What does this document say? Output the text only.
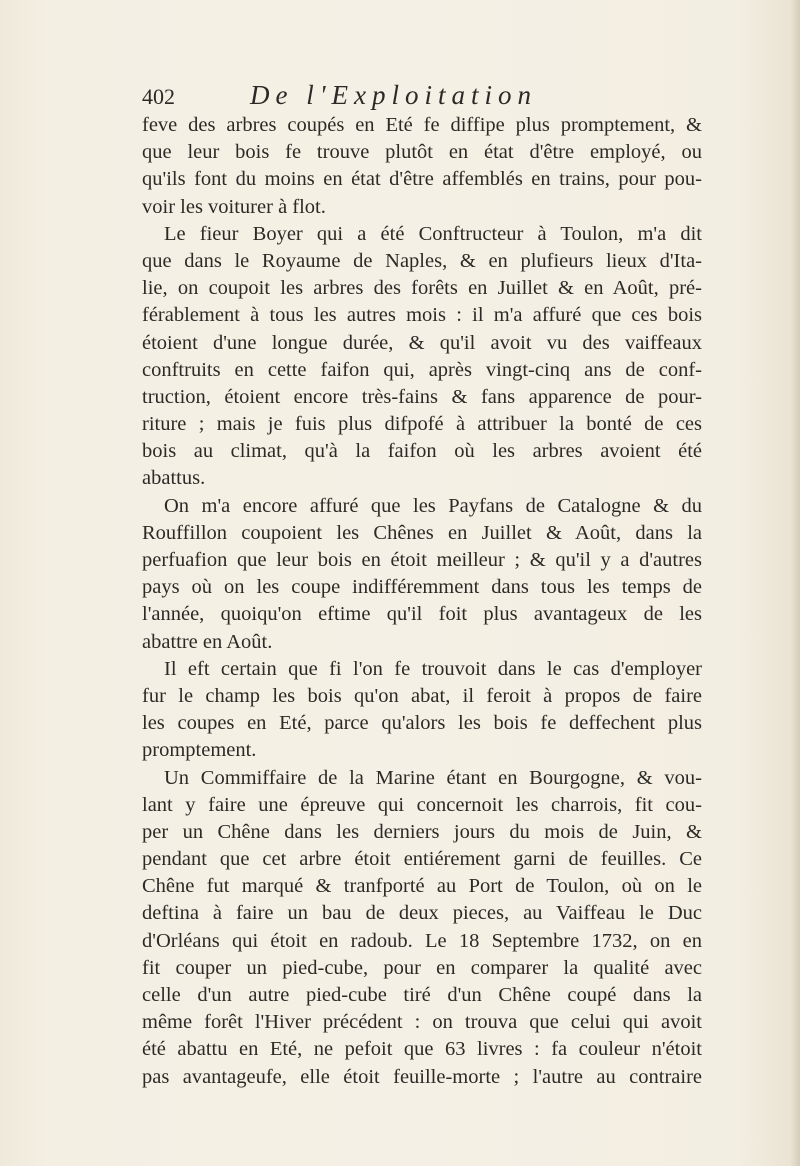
402	De l'Exploitation
feve des arbres coupés en Eté fe diffipe plus promptement, &
que leur bois fe trouve plutôt en état d'être employé, ou
qu'ils font du moins en état d'être affemblés en trains, pour pou-
voir les voiturer à flot.
Le fieur Boyer qui a été Conftructeur à Toulon, m'a dit
que dans le Royaume de Naples, & en plufieurs lieux d'Ita-
lie, on coupoit les arbres des forêts en Juillet & en Août, pré-
férablement à tous les autres mois : il m'a affuré que ces bois
étoient d'une longue durée, & qu'il avoit vu des vaiffeaux
conftruits en cette faifon qui, après vingt-cinq ans de conf-
truction, étoient encore très-fains & fans apparence de pour-
riture ; mais je fuis plus difpofé à attribuer la bonté de ces
bois au climat, qu'à la faifon où les arbres avoient été
abattus.
On m'a encore affuré que les Payfans de Catalogne & du
Rouffillon coupoient les Chênes en Juillet & Août, dans la
perfuafion que leur bois en étoit meilleur ; & qu'il y a d'autres
pays où on les coupe indifféremment dans tous les temps de
l'année, quoiqu'on eftime qu'il foit plus avantageux de les
abattre en Août.
Il eft certain que fi l'on fe trouvoit dans le cas d'employer
fur le champ les bois qu'on abat, il feroit à propos de faire
les coupes en Eté, parce qu'alors les bois fe deffechent plus
promptement.
Un Commiffaire de la Marine étant en Bourgogne, & vou-
lant y faire une épreuve qui concernoit les charrois, fit cou-
per un Chêne dans les derniers jours du mois de Juin, &
pendant que cet arbre étoit entiérement garni de feuilles. Ce
Chêne fut marqué & tranfporté au Port de Toulon, où on le
deftina à faire un bau de deux pieces, au Vaiffeau le Duc
d'Orléans qui étoit en radoub. Le 18 Septembre 1732, on en
fit couper un pied-cube, pour en comparer la qualité avec
celle d'un autre pied-cube tiré d'un Chêne coupé dans la
même forêt l'Hiver précédent : on trouva que celui qui avoit
été abattu en Eté, ne pefoit que 63 livres : fa couleur n'étoit
pas avantageufe, elle étoit feuille-morte ; l'autre au contraire
